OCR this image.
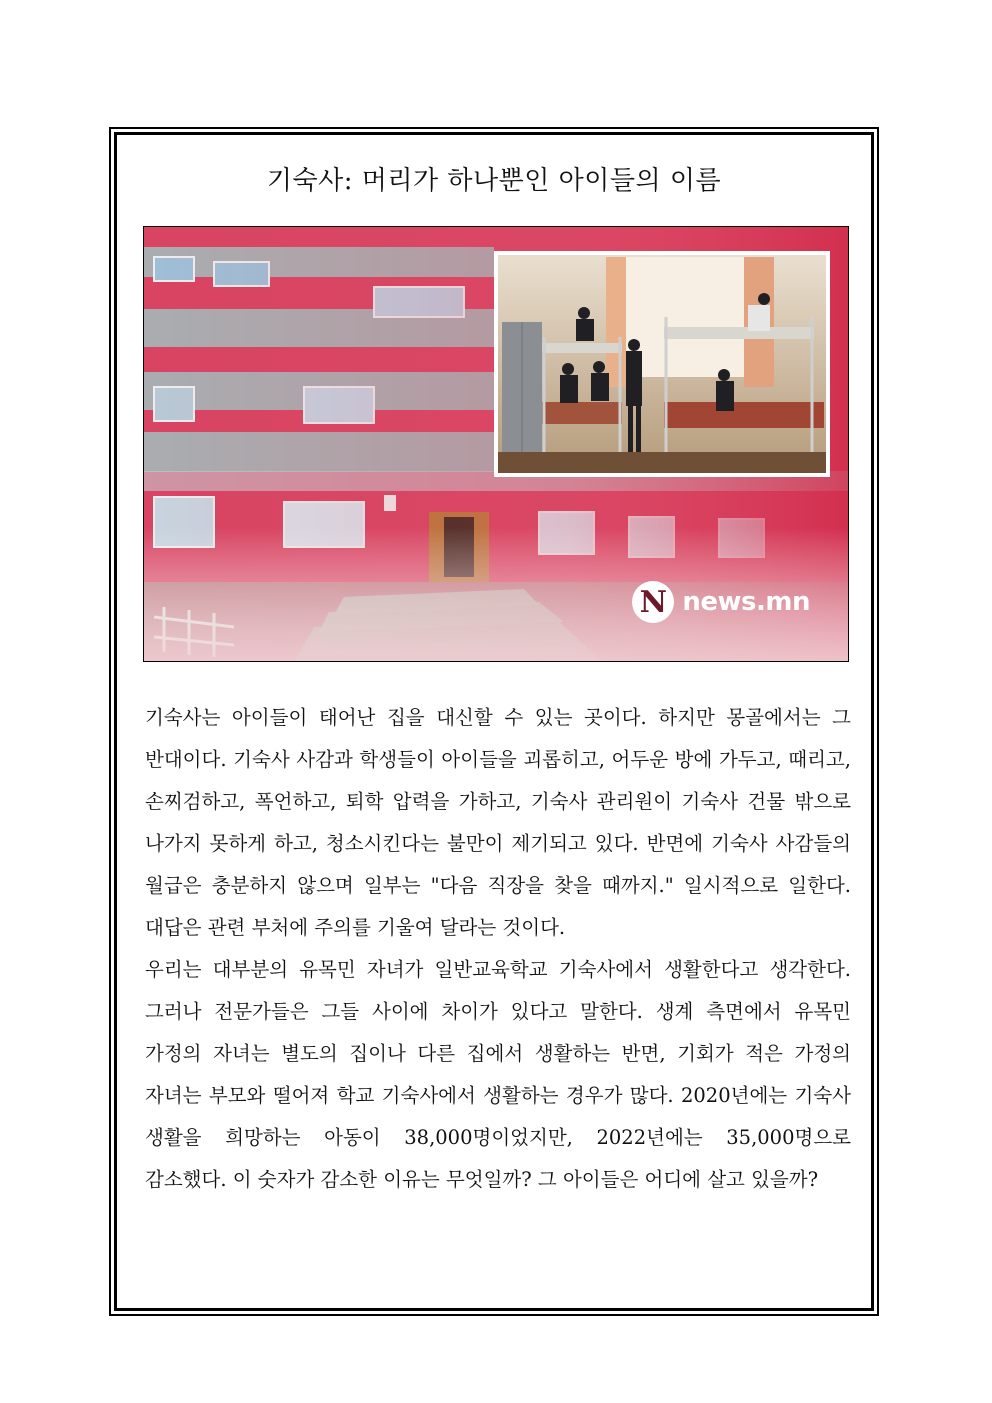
기숙사: 머리가 하나뿐인 아이들의 이름
N news.mn

기숙사는 아이들이 태어난 집을 대신할 수 있는 곳이다. 하지만 몽골에서는 그 반대이다. 기숙사 사감과 학생들이 아이들을 괴롭히고, 어두운 방에 가두고, 때리고, 손찌검하고, 폭언하고, 퇴학 압력을 가하고, 기숙사 관리원이 기숙사 건물 밖으로 나가지 못하게 하고, 청소시킨다는 불만이 제기되고 있다. 반면에 기숙사 사감들의 월급은 충분하지 않으며 일부는 "다음 직장을 찾을 때까지." 일시적으로 일한다. 대답은 관련 부처에 주의를 기울여 달라는 것이다.

우리는 대부분의 유목민 자녀가 일반교육학교 기숙사에서 생활한다고 생각한다. 그러나 전문가들은 그들 사이에 차이가 있다고 말한다. 생계 측면에서 유목민 가정의 자녀는 별도의 집이나 다른 집에서 생활하는 반면, 기회가 적은 가정의 자녀는 부모와 떨어져 학교 기숙사에서 생활하는 경우가 많다. 2020년에는 기숙사 생활을 희망하는 아동이 38,000명이었지만, 2022년에는 35,000명으로 감소했다. 이 숫자가 감소한 이유는 무엇일까? 그 아이들은 어디에 살고 있을까?
